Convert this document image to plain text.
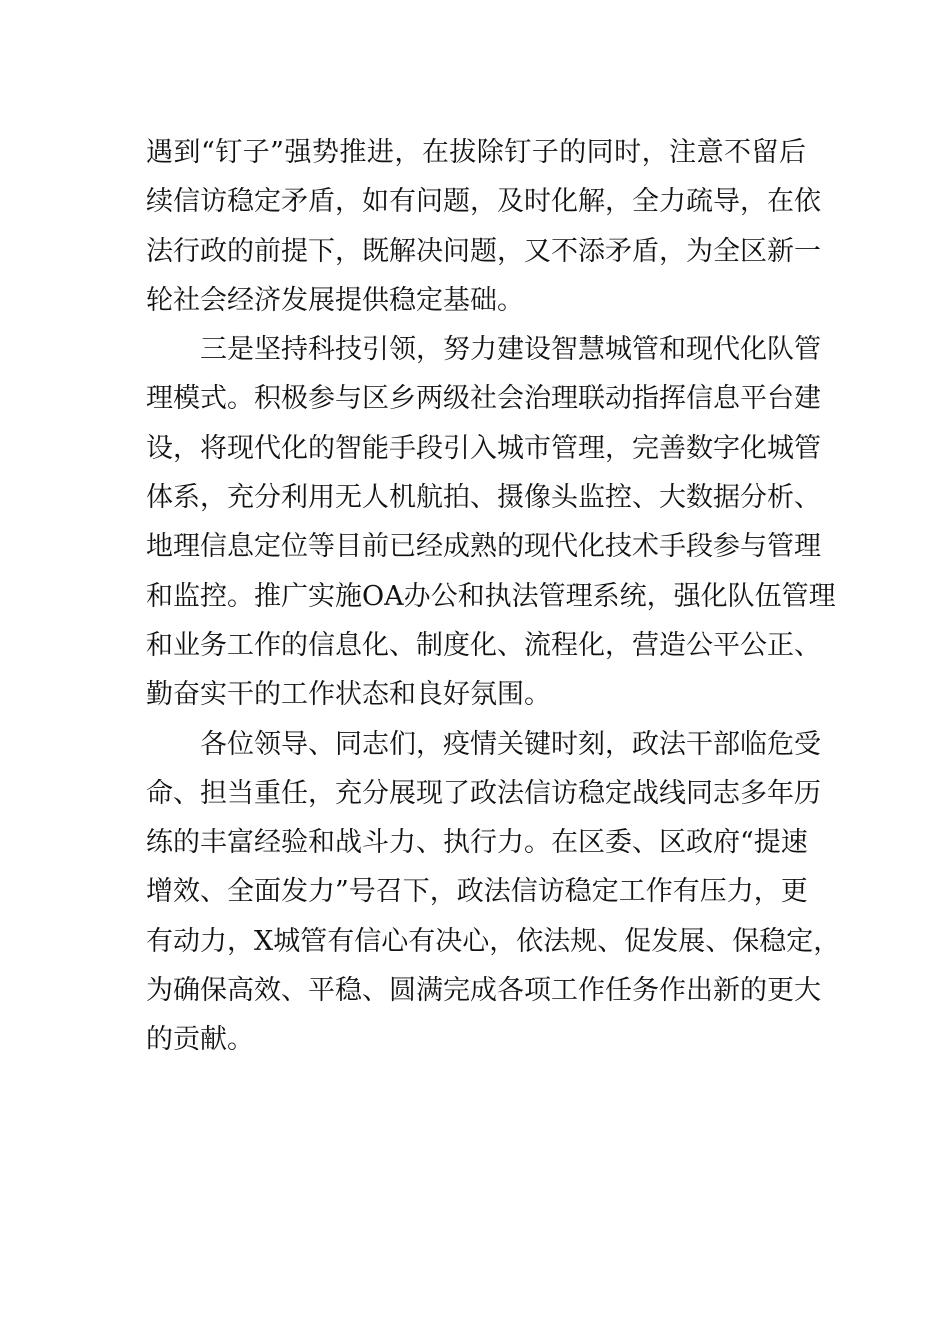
遇到“钉子”强势推进，在拔除钉子的同时，注意不留后
续信访稳定矛盾，如有问题，及时化解，全力疏导，在依
法行政的前提下，既解决问题，又不添矛盾，为全区新一
轮社会经济发展提供稳定基础。
三是坚持科技引领，努力建设智慧城管和现代化队管
理模式。积极参与区乡两级社会治理联动指挥信息平台建
设，将现代化的智能手段引入城市管理，完善数字化城管
体系，充分利用无人机航拍、摄像头监控、大数据分析、
地理信息定位等目前已经成熟的现代化技术手段参与管理
和监控。推广实施OA办公和执法管理系统，强化队伍管理
和业务工作的信息化、制度化、流程化，营造公平公正、
勤奋实干的工作状态和良好氛围。
各位领导、同志们，疫情关键时刻，政法干部临危受
命、担当重任，充分展现了政法信访稳定战线同志多年历
练的丰富经验和战斗力、执行力。在区委、区政府“提速
增效、全面发力”号召下，政法信访稳定工作有压力，更
有动力，X城管有信心有决心，依法规、促发展、保稳定，
为确保高效、平稳、圆满完成各项工作任务作出新的更大
的贡献。
